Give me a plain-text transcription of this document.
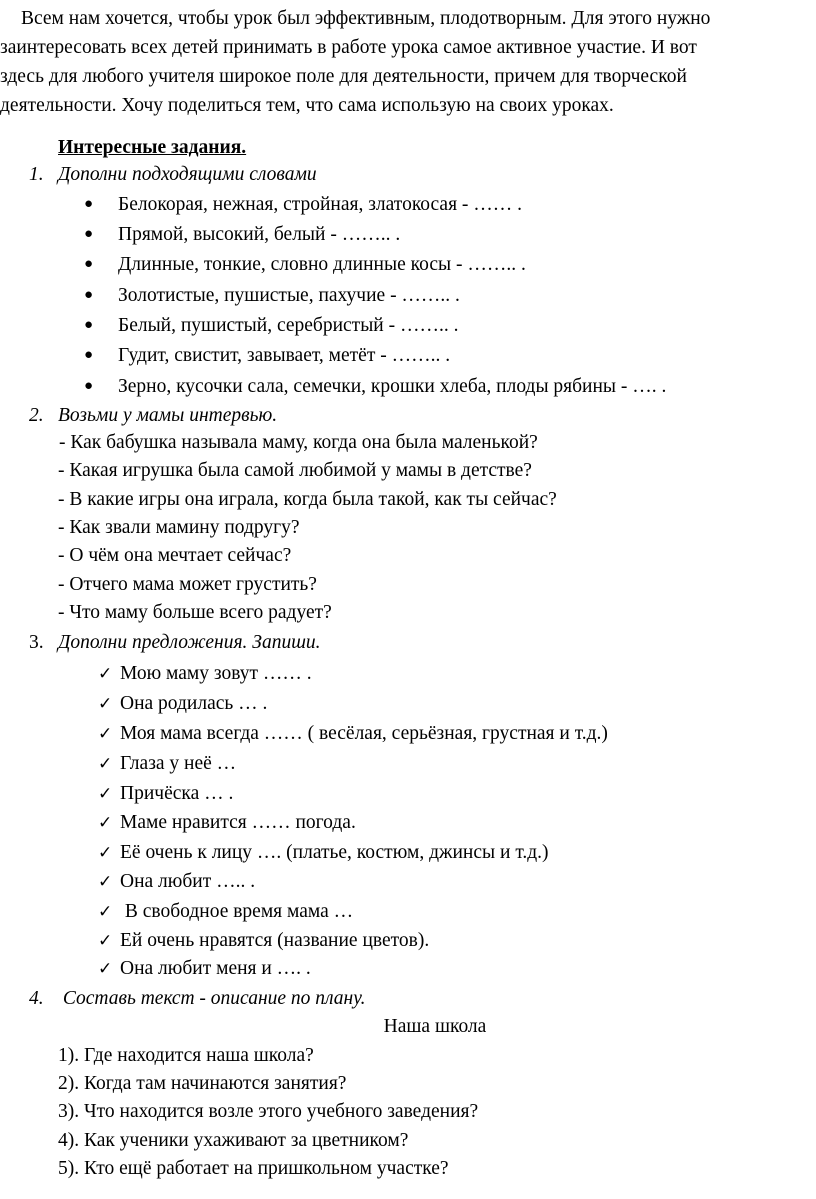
Всем нам хочется, чтобы урок был эффективным, плодотворным. Для этого нужно

заинтересовать всех детей принимать в работе урока самое активное участие. И вот

здесь для любого учителя широкое поле для деятельности, причем для творческой

деятельности. Хочу поделиться тем, что сама использую на своих уроках.

Интересные задания.
1. Дополни подходящими словами
● Белокорая, нежная, стройная, златокосая - …… .
● Прямой, высокий, белый - …….. .
● Длинные, тонкие, словно длинные косы - …….. .
● Золотистые, пушистые, пахучие - …….. .
● Белый, пушистый, серебристый - …….. .
● Гудит, свистит, завывает, метёт - …….. .
● Зерно, кусочки сала, семечки, крошки хлеба, плоды рябины - …. .
2. Возьми у мамы интервью.
- Как бабушка называла маму, когда она была маленькой?
- Какая игрушка была самой любимой у мамы в детстве?
- В какие игры она играла, когда была такой, как ты сейчас?
- Как звали мамину подругу?
- О чём она мечтает сейчас?
- Отчего мама может грустить?
- Что маму больше всего радует?
3. Дополни предложения. Запиши.
✓ Мою маму зовут …… .
✓ Она родилась … .
✓ Моя мама всегда …… ( весёлая, серьёзная, грустная и т.д.)
✓ Глаза у неё …
✓ Причёска … .
✓ Маме нравится …… погода.
✓ Её очень к лицу …. (платье, костюм, джинсы и т.д.)
✓ Она любит ….. .
✓ В свободное время мама …
✓ Ей очень нравятся (название цветов).
✓ Она любит меня и …. .
4. Составь текст - описание по плану.
Наша школа
1). Где находится наша школа?
2). Когда там начинаются занятия?
3). Что находится возле этого учебного заведения?
4). Как ученики ухаживают за цветником?
5). Кто ещё работает на пришкольном участке?
